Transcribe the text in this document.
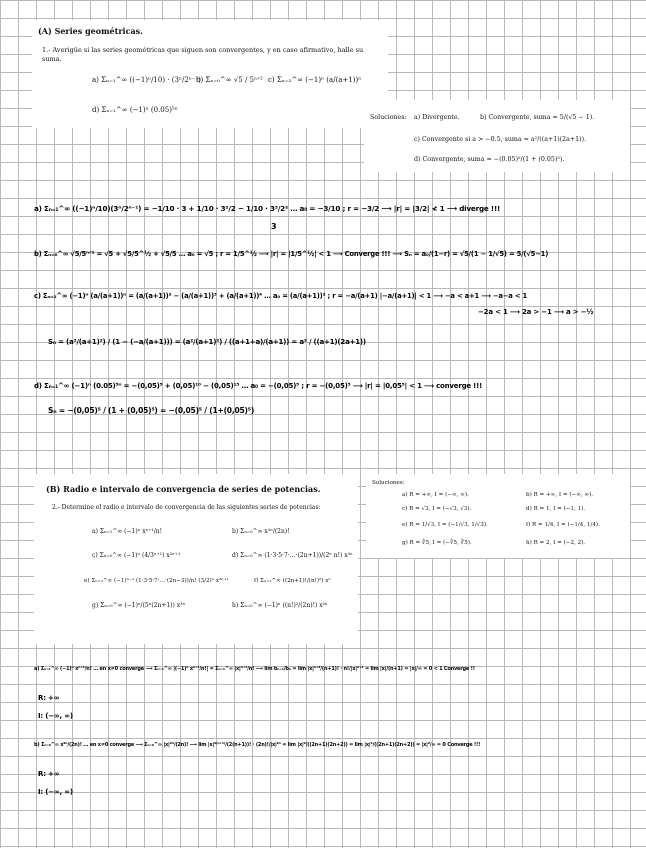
(A) Series geométricas.
1.- Averigüe si las series geométricas que siguen son convergentes, y en caso afirmativo, halle su suma.
a) Σₙ₌₁^∞ ((−1)ⁿ/10) · (3ⁿ/2ⁿ⁻¹)
b) Σₙ₌₀^∞ √5 / 5ⁿᐟ² c) Σₙ₌₂^∞ (−1)ⁿ (a/(a+1))ⁿ
d) Σₙ₌₁^∞ (−1)ⁿ (0.05)⁵ⁿ
Soluciones: a) Divergente.	b) Convergente, suma = 5/(√5 − 1).
c) Convergente si a > −0.5, suma = a²/((a+1)(2a+1)).
d) Convergente, suma = −(0.05)⁵/(1 + (0.05)⁵).
a) Σₙ₌₁^∞ ((−1)ⁿ/10)(3ⁿ/2ⁿ⁻¹) = −1/10 · 3 + 1/10 · 3²/2 − 1/10 · 3³/2² … a₀ = −3/10 ; r = −3/2 ⟶ |r| = |3/2| ≮ 1 ⟶ diverge !!!
3
b) Σₙ₌₀^∞ √5/5ⁿᐟ² = √5 + √5/5^½ + √5/5 … a₀ = √5 ; r = 1/5^½ ⟶ |r| = |1/5^½| < 1 ⟶ Converge !!! ⟶ Sₙ = a₀/(1−r) = √5/(1 − 1/√5) = 5/(√5−1)
c) Σₙ₌₂^∞ (−1)ⁿ (a/(a+1))ⁿ = (a/(a+1))² − (a/(a+1))³ + (a/(a+1))⁴ … a₀ = (a/(a+1))² ; r = −a/(a+1) |−a/(a+1)| < 1 ⟶ −a < a+1 ⟶ −a−a < 1
−2a < 1 ⟶ 2a > −1 ⟶ a > −½
Sₙ = (a²/(a+1)²) / (1 − (−a/(a+1))) = (a²/(a+1)²) / ((a+1+a)/(a+1)) = a² / ((a+1)(2a+1))
d) Σₙ₌₁^∞ (−1)ⁿ (0.05)⁵ⁿ = −(0,05)⁵ + (0,05)¹⁰ − (0,05)¹⁵ … a₀ = −(0,05)⁵ ; r = −(0,05)⁵ ⟶ |r| = |0,05⁵| < 1 ⟶ converge !!!
Sₙ = −(0,05)⁵ / (1 + (0,05)⁵) = −(0,05)⁵ / (1+(0,05)⁵)
(B) Radio e intervalo de convergencia de series de potencias.
2.- Determine el radio e intervalo de convergencia de las siguientes series de potencias:
a) Σₙ₌₁^∞ (−1)ⁿ xⁿ⁺¹/n!	b) Σₙ₌₀^∞ x²ⁿ/(2n)!
c) Σₙ₌₀^∞ (−1)ⁿ (4/3ⁿ⁺¹) x²ⁿ⁺¹	d) Σₙ₌₀^∞ (1·3·5·7·…·(2n+1))/(2ⁿ n!) x²ⁿ
e) Σₙ₌₂^∞ (−1)ⁿ⁻¹ (1·3·5·7·…·(2n−3))/n! (3/2)ⁿ x²ⁿ⁺¹	f) Σₙ₌₁^∞ ((2n+1)!/(n!)²) xⁿ
g) Σₙ₌₀^∞ (−1)ⁿ/(5ⁿ(2n+1)) x³ⁿ	h) Σₙ₌₀^∞ (−1)ⁿ ((n!)²/(2n)!) x²ⁿ
Soluciones:
a) R = +∞, I = (−∞, ∞).	b) R = +∞, I = (−∞, ∞).
c) R = √3, I = (−√3, √3).	d) R = 1, I = (−1, 1).
e) R = 1/√3, I = (−1/√3, 1/√3).	f) R = 1/4, I = (−1/4, 1/4).
g) R = ∛5, I = (−∛5, ∛5).	h) R = 2, I = (−2, 2).
a) Σₙ₌₁^∞ (−1)ⁿ xⁿ⁺¹/n! … en x≠0 converge ⟶ Σₙ₌₁^∞ |(−1)ⁿ xⁿ⁺¹/n!| = Σₙ₌₁^∞ |x|ⁿ⁺¹/n! ⟶ lim bₙ₊₁/bₙ = lim |x|ⁿ⁺²/(n+1)! · n!/|x|ⁿ⁺¹ = lim |x|/(n+1) = |x|/∞ = 0 < 1 Converge !!
R: +∞
I: (−∞, ∞)
b) Σₙ₌₀^∞ x²ⁿ/(2n)! … en x≠0 converge ⟶ Σₙ₌₀^∞ |x|²ⁿ/(2n)! ⟶ lim |x|²⁽ⁿ⁺¹⁾/(2(n+1))! · (2n)!/|x|²ⁿ = lim |x|²/((2n+1)(2n+2)) = lim |x|²/((2n+1)(2n+2)) = |x|²/∞ = 0 Converge !!!
R: +∞
I: (−∞, ∞)
